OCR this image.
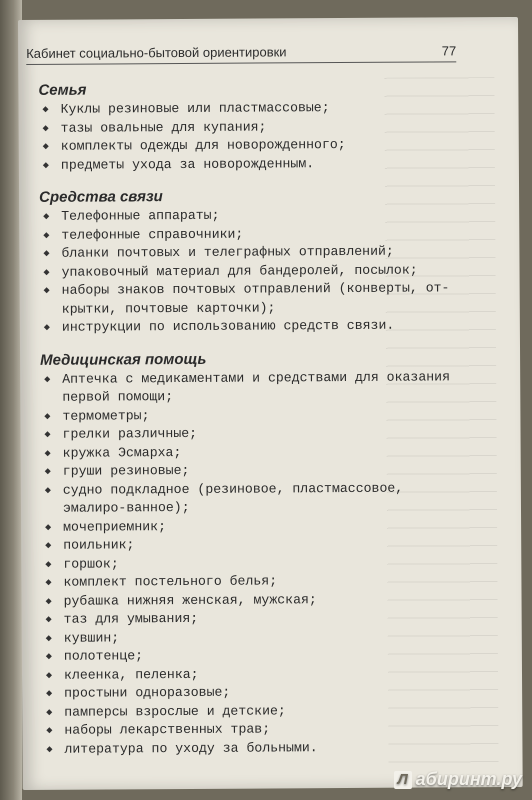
Кабинет социально-бытовой ориентировки	77
Семья
◆ Куклы резиновые или пластмассовые;
◆ тазы овальные для купания;
◆ комплекты одежды для новорожденного;
◆ предметы ухода за новорожденным.
Средства связи
◆ Телефонные аппараты;
◆ телефонные справочники;
◆ бланки почтовых и телеграфных отправлений;
◆ упаковочный материал для бандеролей, посылок;
◆ наборы знаков почтовых отправлений (конверты, от-крытки, почтовые карточки);
◆ инструкции по использованию средств связи.
Медицинская помощь
◆ Аптечка с медикаментами и средствами для оказания первой помощи;
◆ термометры;
◆ грелки различные;
◆ кружка Эсмарха;
◆ груши резиновые;
◆ судно подкладное (резиновое, пластмассовое, эмалиро-ванное);
◆ мочеприемник;
◆ поильник;
◆ горшок;
◆ комплект постельного белья;
◆ рубашка нижняя женская, мужская;
◆ таз для умывания;
◆ кувшин;
◆ полотенце;
◆ клеенка, пеленка;
◆ простыни одноразовые;
◆ памперсы взрослые и детские;
◆ наборы лекарственных трав;
◆ литература по уходу за больными.
Л абиринт.ру
